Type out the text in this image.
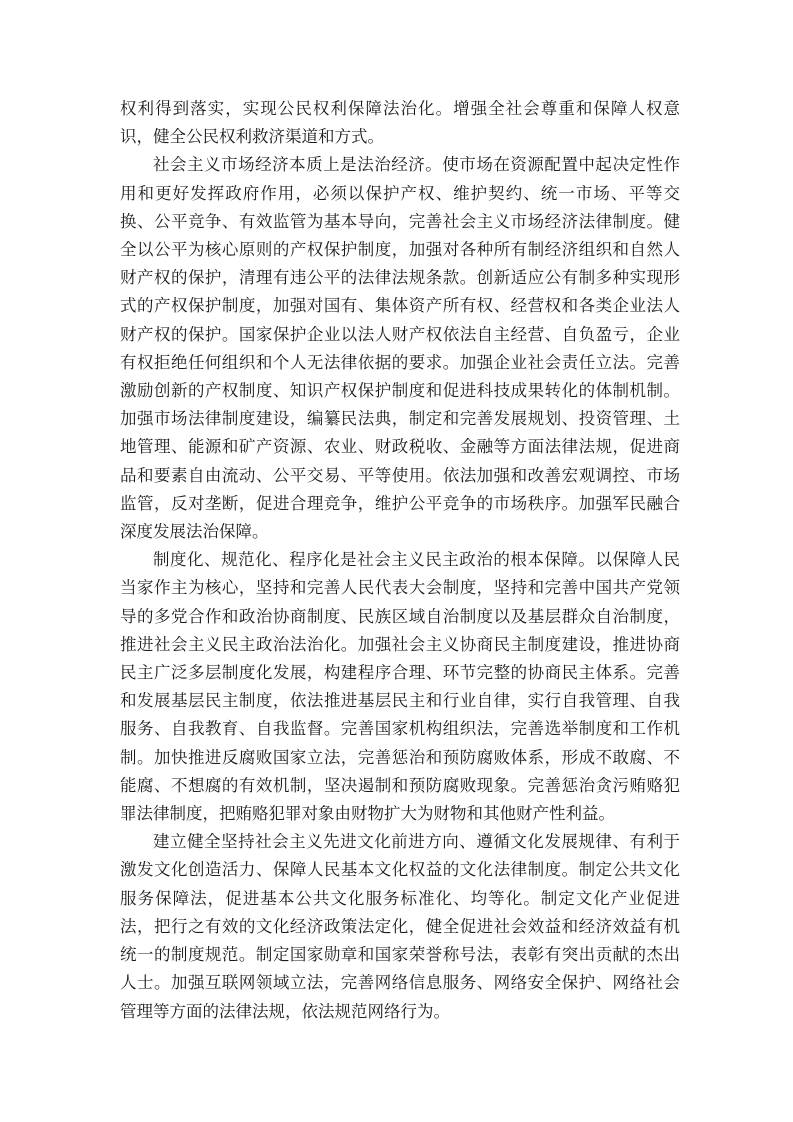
权利得到落实，实现公民权利保障法治化。增强全社会尊重和保障人权意识，健全公民权利救济渠道和方式。

社会主义市场经济本质上是法治经济。使市场在资源配置中起决定性作用和更好发挥政府作用，必须以保护产权、维护契约、统一市场、平等交换、公平竞争、有效监管为基本导向，完善社会主义市场经济法律制度。健全以公平为核心原则的产权保护制度，加强对各种所有制经济组织和自然人财产权的保护，清理有违公平的法律法规条款。创新适应公有制多种实现形式的产权保护制度，加强对国有、集体资产所有权、经营权和各类企业法人财产权的保护。国家保护企业以法人财产权依法自主经营、自负盈亏，企业有权拒绝任何组织和个人无法律依据的要求。加强企业社会责任立法。完善激励创新的产权制度、知识产权保护制度和促进科技成果转化的体制机制。加强市场法律制度建设，编纂民法典，制定和完善发展规划、投资管理、土地管理、能源和矿产资源、农业、财政税收、金融等方面法律法规，促进商品和要素自由流动、公平交易、平等使用。依法加强和改善宏观调控、市场监管，反对垄断，促进合理竞争，维护公平竞争的市场秩序。加强军民融合深度发展法治保障。

制度化、规范化、程序化是社会主义民主政治的根本保障。以保障人民当家作主为核心，坚持和完善人民代表大会制度，坚持和完善中国共产党领导的多党合作和政治协商制度、民族区域自治制度以及基层群众自治制度，推进社会主义民主政治法治化。加强社会主义协商民主制度建设，推进协商民主广泛多层制度化发展，构建程序合理、环节完整的协商民主体系。完善和发展基层民主制度，依法推进基层民主和行业自律，实行自我管理、自我服务、自我教育、自我监督。完善国家机构组织法，完善选举制度和工作机制。加快推进反腐败国家立法，完善惩治和预防腐败体系，形成不敢腐、不能腐、不想腐的有效机制，坚决遏制和预防腐败现象。完善惩治贪污贿赂犯罪法律制度，把贿赂犯罪对象由财物扩大为财物和其他财产性利益。

建立健全坚持社会主义先进文化前进方向、遵循文化发展规律、有利于激发文化创造活力、保障人民基本文化权益的文化法律制度。制定公共文化服务保障法，促进基本公共文化服务标准化、均等化。制定文化产业促进法，把行之有效的文化经济政策法定化，健全促进社会效益和经济效益有机统一的制度规范。制定国家勋章和国家荣誉称号法，表彰有突出贡献的杰出人士。加强互联网领域立法，完善网络信息服务、网络安全保护、网络社会管理等方面的法律法规，依法规范网络行为。
